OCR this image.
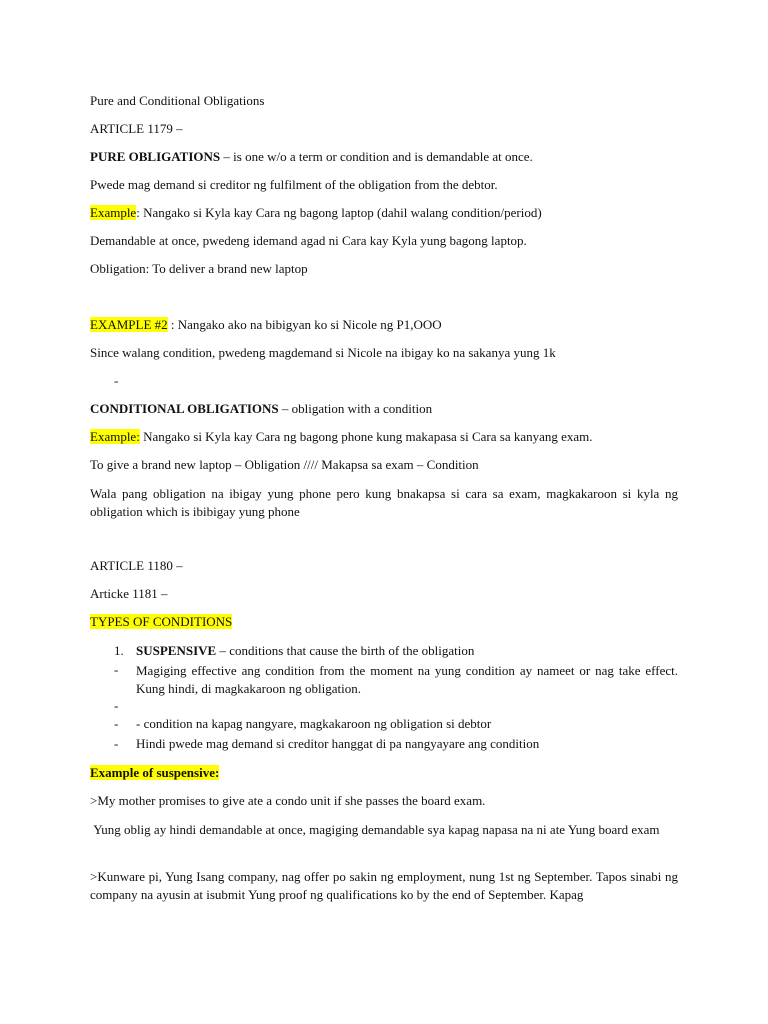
Pure and Conditional Obligations

ARTICLE 1179 –

PURE OBLIGATIONS – is one w/o a term or condition and is demandable at once.

Pwede mag demand si creditor ng fulfilment of the obligation from the debtor.

Example: Nangako si Kyla kay Cara ng bagong laptop (dahil walang condition/period)

Demandable at once, pwedeng idemand agad ni Cara kay Kyla yung bagong laptop.

Obligation: To deliver a brand new laptop

EXAMPLE #2 : Nangako ako na bibigyan ko si Nicole ng P1,OOO

Since walang condition, pwedeng magdemand si Nicole na ibigay ko na sakanya yung 1k

-

CONDITIONAL OBLIGATIONS – obligation with a condition

Example: Nangako si Kyla kay Cara ng bagong phone kung makapasa si Cara sa kanyang exam.

To give a brand new laptop – Obligation //// Makapsa sa exam – Condition

Wala pang obligation na ibigay yung phone pero kung bnakapsa si cara sa exam, magkakaroon si kyla ng obligation which is ibibigay yung phone

ARTICLE 1180 –

Articke 1181 –

TYPES OF CONDITIONS

1. SUSPENSIVE – conditions that cause the birth of the obligation

- Magiging effective ang condition from the moment na yung condition ay nameet or nag take effect. Kung hindi, di magkakaroon ng obligation.

-

- - condition na kapag nangyare, magkakaroon ng obligation si debtor

- Hindi pwede mag demand si creditor hanggat di pa nangyayare ang condition

Example of suspensive:

>My mother promises to give ate a condo unit if she passes the board exam.

Yung oblig ay hindi demandable at once, magiging demandable sya kapag napasa na ni ate Yung board exam

>Kunware pi, Yung Isang company, nag offer po sakin ng employment, nung 1st ng September. Tapos sinabi ng company na ayusin at isubmit Yung proof ng qualifications ko by the end of September. Kapag
